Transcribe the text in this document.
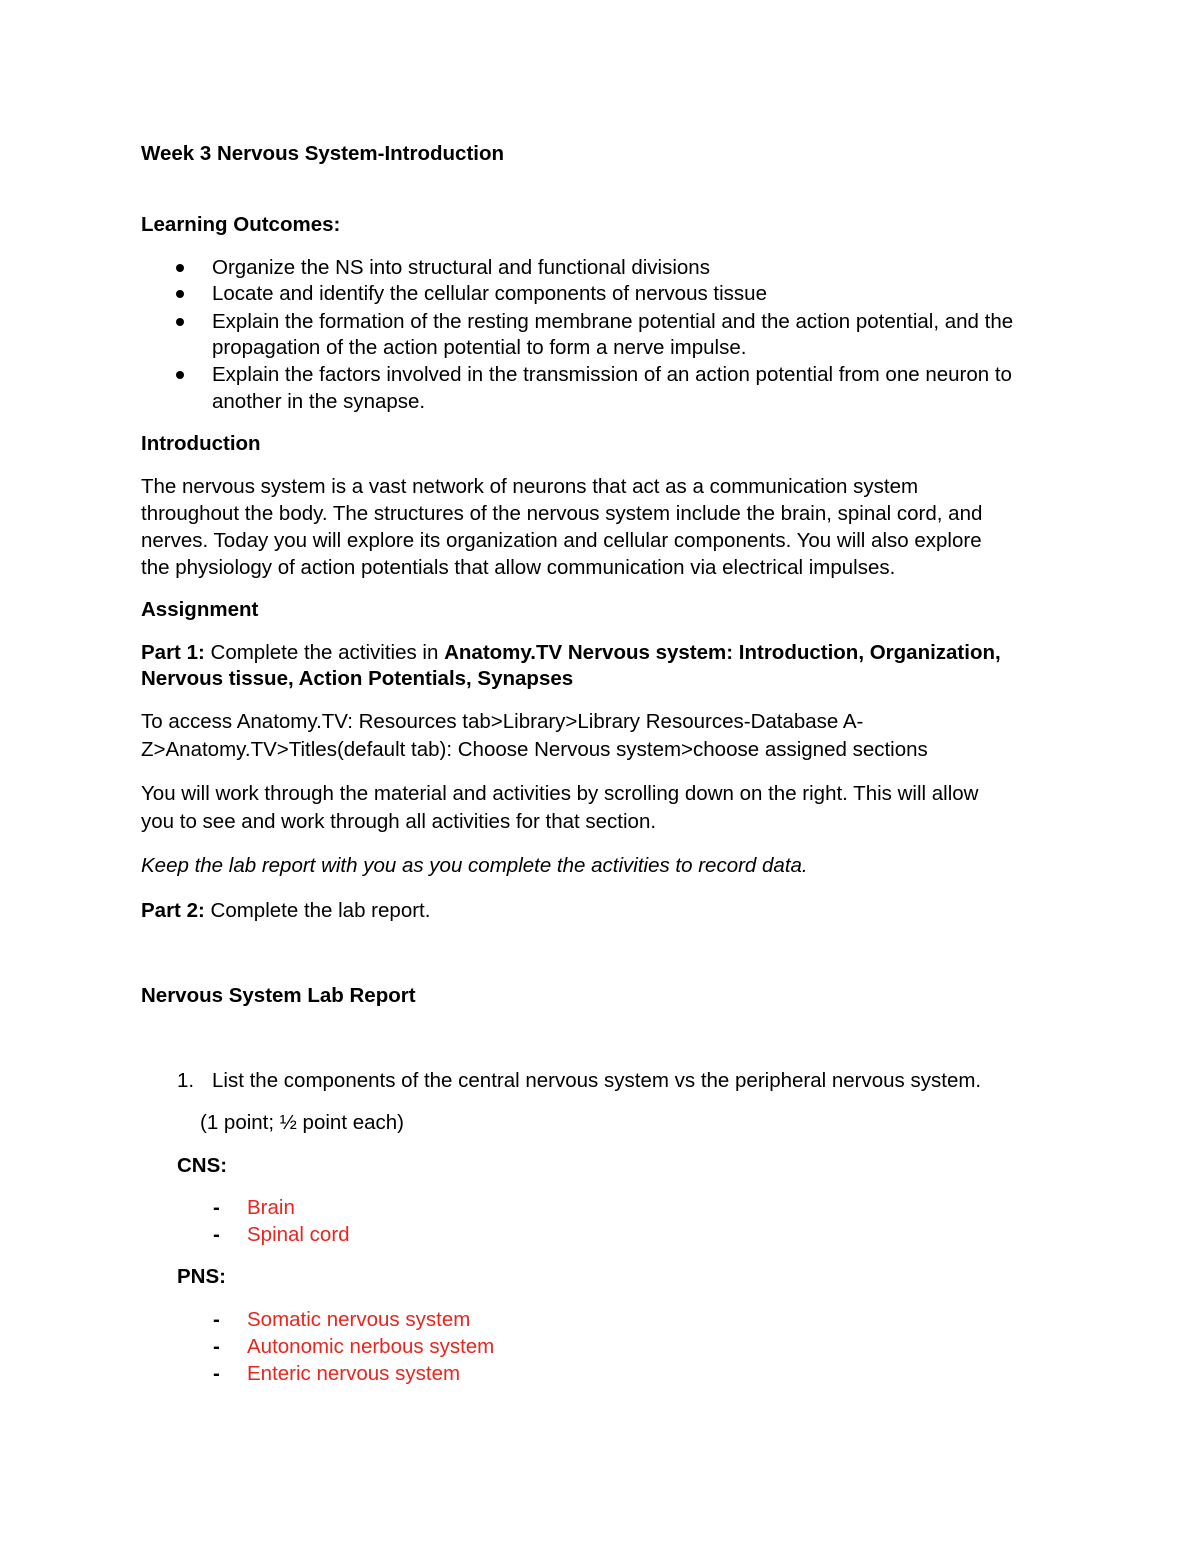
Week 3 Nervous System-Introduction
Learning Outcomes:
Organize the NS into structural and functional divisions
Locate and identify the cellular components of nervous tissue
Explain the formation of the resting membrane potential and the action potential, and the
propagation of the action potential to form a nerve impulse.
Explain the factors involved in the transmission of an action potential from one neuron to
another in the synapse.
Introduction
The nervous system is a vast network of neurons that act as a communication system
throughout the body. The structures of the nervous system include the brain, spinal cord, and
nerves. Today you will explore its organization and cellular components. You will also explore
the physiology of action potentials that allow communication via electrical impulses.
Assignment
Part 1: Complete the activities in Anatomy.TV Nervous system: Introduction, Organization,
Nervous tissue, Action Potentials, Synapses
To access Anatomy.TV: Resources tab>Library>Library Resources-Database A-
Z>Anatomy.TV>Titles(default tab): Choose Nervous system>choose assigned sections
You will work through the material and activities by scrolling down on the right. This will allow
you to see and work through all activities for that section.
Keep the lab report with you as you complete the activities to record data.
Part 2: Complete the lab report.
Nervous System Lab Report
1. List the components of the central nervous system vs the peripheral nervous system.
(1 point; ½ point each)
CNS:
- Brain
- Spinal cord
PNS:
- Somatic nervous system
- Autonomic nerbous system
- Enteric nervous system
